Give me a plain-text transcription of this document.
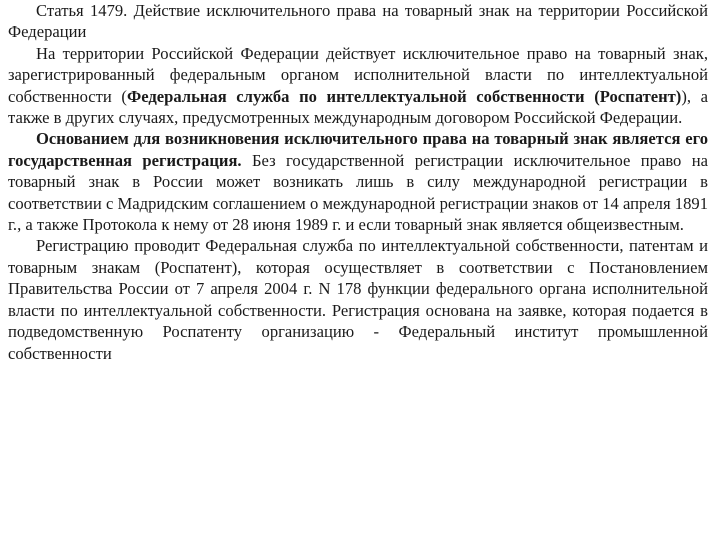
Статья 1479. Действие исключительного права на товарный знак на территории Российской Федерации

На территории Российской Федерации действует исключительное право на товарный знак, зарегистрированный федеральным органом исполнительной власти по интеллектуальной собственности (Федеральная служба по интеллектуальной собственности (Роспатент)), а также в других случаях, предусмотренных международным договором Российской Федерации.

Основанием для возникновения исключительного права на товарный знак является его государственная регистрация. Без государственной регистрации исключительное право на товарный знак в России может возникать лишь в силу международной регистрации в соответствии с Мадридским соглашением о международной регистрации знаков от 14 апреля 1891 г., а также Протокола к нему от 28 июня 1989 г. и если товарный знак является общеизвестным.

Регистрацию проводит Федеральная служба по интеллектуальной собственности, патентам и товарным знакам (Роспатент), которая осуществляет в соответствии с Постановлением Правительства России от 7 апреля 2004 г. N 178 функции федерального органа исполнительной власти по интеллектуальной собственности. Регистрация основана на заявке, которая подается в подведомственную Роспатенту организацию - Федеральный институт промышленной собственности
